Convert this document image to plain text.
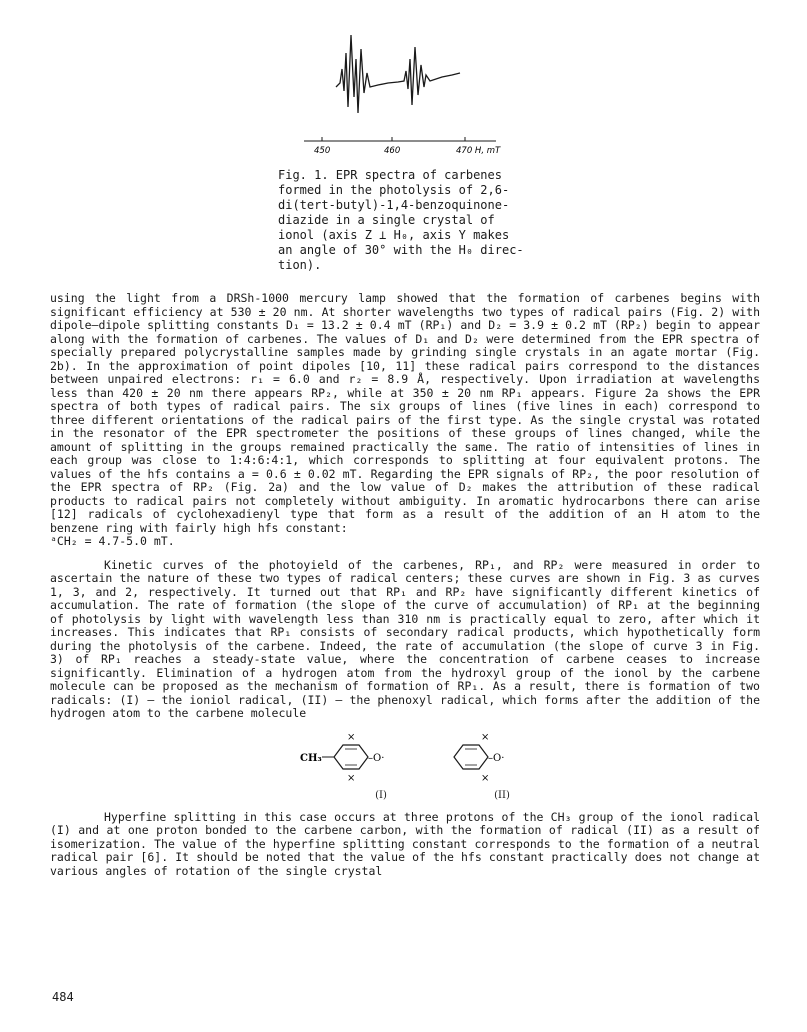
450	460	470 H, mT
Fig. 1. EPR spectra of carbenes
formed in the photolysis of 2,6-
di(tert-butyl)-1,4-benzoquinone-
diazide in a single crystal of
ionol (axis Z ⊥ H₀, axis Y makes
an angle of 30° with the H₀ direc-
tion).

using the light from a DRSh-1000 mercury lamp showed that the formation of carbenes begins with significant efficiency at 530 ± 20 nm. At shorter wavelengths two types of radical pairs (Fig. 2) with dipole–dipole splitting constants D₁ = 13.2 ± 0.4 mT (RP₁) and D₂ = 3.9 ± 0.2 mT (RP₂) begin to appear along with the formation of carbenes. The values of D₁ and D₂ were determined from the EPR spectra of specially prepared polycrystalline samples made by grinding single crystals in an agate mortar (Fig. 2b). In the approximation of point dipoles [10, 11] these radical pairs correspond to the distances between unpaired electrons: r₁ = 6.0 and r₂ = 8.9 Å, respectively. Upon irradiation at wavelengths less than 420 ± 20 nm there appears RP₂, while at 350 ± 20 nm RP₁ appears. Figure 2a shows the EPR spectra of both types of radical pairs. The six groups of lines (five lines in each) correspond to three different orientations of the radical pairs of the first type. As the single crystal was rotated in the resonator of the EPR spectrometer the positions of these groups of lines changed, while the amount of splitting in the groups remained practically the same. The ratio of intensities of lines in each group was close to 1:4:6:4:1, which corresponds to splitting at four equivalent protons. The values of the hfs contains a = 0.6 ± 0.02 mT. Regarding the EPR signals of RP₂, the poor resolution of the EPR spectra of RP₂ (Fig. 2a) and the low value of D₂ makes the attribution of these radical products to radical pairs not completely without ambiguity. In aromatic hydrocarbons there can arise [12] radicals of cyclohexadienyl type that form as a result of the addition of an H atom to the benzene ring with fairly high hfs constant:

ᵃCH₂ = 4.7-5.0 mT.

Kinetic curves of the photoyield of the carbenes, RP₁, and RP₂ were measured in order to ascertain the nature of these two types of radical centers; these curves are shown in Fig. 3 as curves 1, 3, and 2, respectively. It turned out that RP₁ and RP₂ have significantly different kinetics of accumulation. The rate of formation (the slope of the curve of accumulation) of RP₁ at the beginning of photolysis by light with wavelength less than 310 nm is practically equal to zero, after which it increases. This indicates that RP₁ consists of secondary radical products, which hypothetically form during the photolysis of the carbene. Indeed, the rate of accumulation (the slope of curve 3 in Fig. 3) of RP₁ reaches a steady-state value, where the concentration of carbene ceases to increase significantly. Elimination of a hydrogen atom from the hydroxyl group of the ionol by the carbene molecule can be proposed as the mechanism of formation of RP₁. As a result, there is formation of two radicals: (I) – the ioniol radical, (II) – the phenoxyl radical, which forms after the addition of the hydrogen atom to the carbene molecule

CH₃	–O·
×
×
–O·
×
×
(I)	(II)

Hyperfine splitting in this case occurs at three protons of the CH₃ group of the ionol radical (I) and at one proton bonded to the carbene carbon, with the formation of radical (II) as a result of isomerization. The value of the hyperfine splitting constant corresponds to the formation of a neutral radical pair [6]. It should be noted that the value of the hfs constant practically does not change at various angles of rotation of the single crystal

484
